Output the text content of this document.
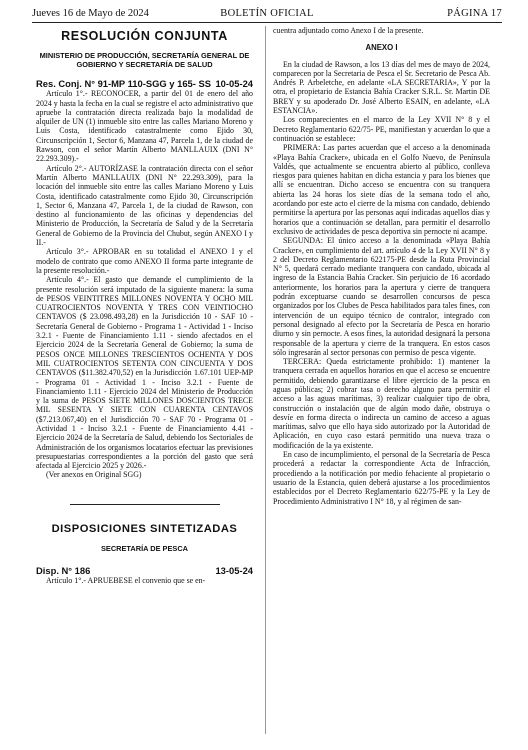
Jueves 16 de Mayo de 2024	BOLETÍN OFICIAL	PÁGINA 17
RESOLUCIÓN CONJUNTA
MINISTERIO DE PRODUCCIÓN, SECRETARÍA GENERAL DE GOBIERNO Y SECRETARÍA DE SALUD
Res. Conj. N° 91-MP 110-SGG y 165- SS 10-05-24

Artículo 1°.- RECONOCER, a partir del 01 de enero del año 2024 y hasta la fecha en la cual se registre el acto administrativo que apruebe la contratación directa realizada bajo la modalidad de alquiler de UN (1) inmueble sito entre las calles Mariano Moreno y Luis Costa, identificado catastralmente como Ejido 30, Circunscripción 1, Sector 6, Manzana 47, Parcela 1, de la ciudad de Rawson, con el señor Martín Alberto MANLLAUIX (DNI N° 22.293.309).-

Artículo 2°.- AUTORÍZASE la contratación directa con el señor Martín Alberto MANLLAUIX (DNI N° 22.293.309), para la locación del inmueble sito entre las calles Mariano Moreno y Luis Costa, identificado catastralmente como Ejido 30, Circunscripción 1, Sector 6, Manzana 47, Parcela 1, de la ciudad de Rawson, con destino al funcionamiento de las oficinas y dependencias del Ministerio de Producción, la Secretaría de Salud y de la Secretaría General de Gobierno de la Provincia del Chubut, según ANEXO I y II.-

Artículo 3°.- APROBAR en su totalidad el ANEXO I y el modelo de contrato que como ANEXO II forma parte integrante de la presente resolución.-

Artículo 4°.- El gasto que demande el cumplimiento de la presente resolución será imputado de la siguiente manera: la suma de PESOS VEINTITRES MILLONES NOVENTA Y OCHO MIL CUATROCIENTOS NOVENTA Y TRES CON VEINTIOCHO CENTAVOS ($ 23.098.493,28) en la Jurisdicción 10 - SAF 10 - Secretaría General de Gobierno - Programa 1 - Actividad 1 - Inciso 3.2.1 - Fuente de Financiamiento 1.11 - siendo afectados en el Ejercicio 2024 de la Secretaría General de Gobierno; la suma de PESOS ONCE MILLONES TRESCIENTOS OCHENTA Y DOS MIL CUATROCIENTOS SETENTA CON CINCUENTA Y DOS CENTAVOS ($11.382.470,52) en la Jurisdicción 1.67.101 UEP-MP - Programa 01 - Actividad 1 - Inciso 3.2.1 - Fuente de Financiamiento 1.11 - Ejercicio 2024 del Ministerio de Producción y la suma de PESOS SIETE MILLONES DOSCIENTOS TRECE MIL SESENTA Y SIETE CON CUARENTA CENTAVOS ($7.213.067,40) en el Jurisdicción 70 - SAF 70 - Programa 01 - Actividad 1 - Inciso 3.2.1 - Fuente de Financiamiento 4.41 - Ejercicio 2024 de la Secretaría de Salud, debiendo los Sectoriales de Administración de los organismos locatarios efectuar las previsiones presupuestarias correspondientes a la porción del gasto que será afectada al Ejercicio 2025 y 2026.-

(Ver anexos en Original SGG)

DISPOSICIONES SINTETIZADAS
SECRETARÍA DE PESCA
Disp. N° 186	13-05-24

Artículo 1°.- APRUEBESE el convenio que se en-

cuentra adjuntado como Anexo I de la presente.

ANEXO I

En la ciudad de Rawson, a los 13 días del mes de mayo de 2024, comparecen por la Secretaria de Pesca el Sr. Secretario de Pesca Ab. Andrés P. Arbeletche, en adelante «LA SECRETARIA», Y por la otra, el propietario de Estancia Bahía Cracker S.R.L. Sr. Martin DE BREY y su apoderado Dr. José Alberto ESAIN, en adelante, «LA ESTANCIA».

Los comparecientes en el marco de la Ley XVII N° 8 y el Decreto Reglamentario 622/75- PE, manifiestan y acuerdan lo que a continuación se establece:

PRIMERA: Las partes acuerdan que el acceso a la denominada «Playa Bahía Cracker», ubicada en el Golfo Nuevo, de Península Valdés, que actualmente se encuentra abierto al público, conlleva riesgos para quienes habitan en dicha estancia y para los bienes que allí se encuentran. Dicho acceso se encuentra con su tranquera abierta las 24 horas los siete días de la semana todo el año, acordando por este acto el cierre de la misma con candado, debiendo permitirse la apertura por las personas aquí indicadas aquellos días y horarios que a continuación se detallan, para permitir el desarrollo exclusivo de actividades de pesca deportiva sin pernocte ni acampe.

SEGUNDA: El único acceso a la denominada «Playa Bahía Cracker», en cumplimiento del art. artículo 4 de la Ley XVII N° 8 y 2 del Decreto Reglamentario 622175-PE desde la Ruta Provincial N° 5, quedará cerrado mediante tranquera con candado, ubicada al ingreso de la Estancia Bahía Cracker. Sin perjuicio de 16 acordado anteriormente, los horarios para la apertura y cierre de tranquera podrán exceptuarse cuando se desarrollen concursos de pesca organizados por los Clubes de Pesca habilitados para tales fines, con intervención de un equipo técnico de contralor, integrado con personal designado al efecto por la Secretaría de Pesca en horario diurno y sin pernocte. A esos fines, la autoridad designará la persona responsable de la apertura y cierre de la tranquera. En estos casos sólo ingresarán al sector personas con permiso de pesca vigente.

TERCERA: Queda estrictamente prohibido: 1) mantener la tranquera cerrada en aquellos horarios en que el acceso se encuentre permitido, debiendo garantizarse el libre ejercicio de la pesca en aguas públicas; 2) cobrar tasa o derecho alguno para permitir el acceso a las aguas marítimas, 3) realizar cualquier tipo de obra, construcción o instalación que de algún modo dañe, obstruya o desvíe en forma directa o indirecta un camino de acceso a aguas marítimas, salvo que ello haya sido autorizado por la Autoridad de Aplicación, en cuyo caso estará permitido una nueva traza o modificación de la ya existente.

En caso de incumplimiento, el personal de la Secretaría de Pesca procederá a redactar la correspondiente Acta de Infracción, procediendo a la notificación por medio fehaciente al propietario o usuario de la Estancia, quien deberá ajustarse a los procedimientos establecidos por el Decreto Reglamentario 622/75-PE y la Ley de Procedimiento Administrativo I N° 18, y al régimen de san-
